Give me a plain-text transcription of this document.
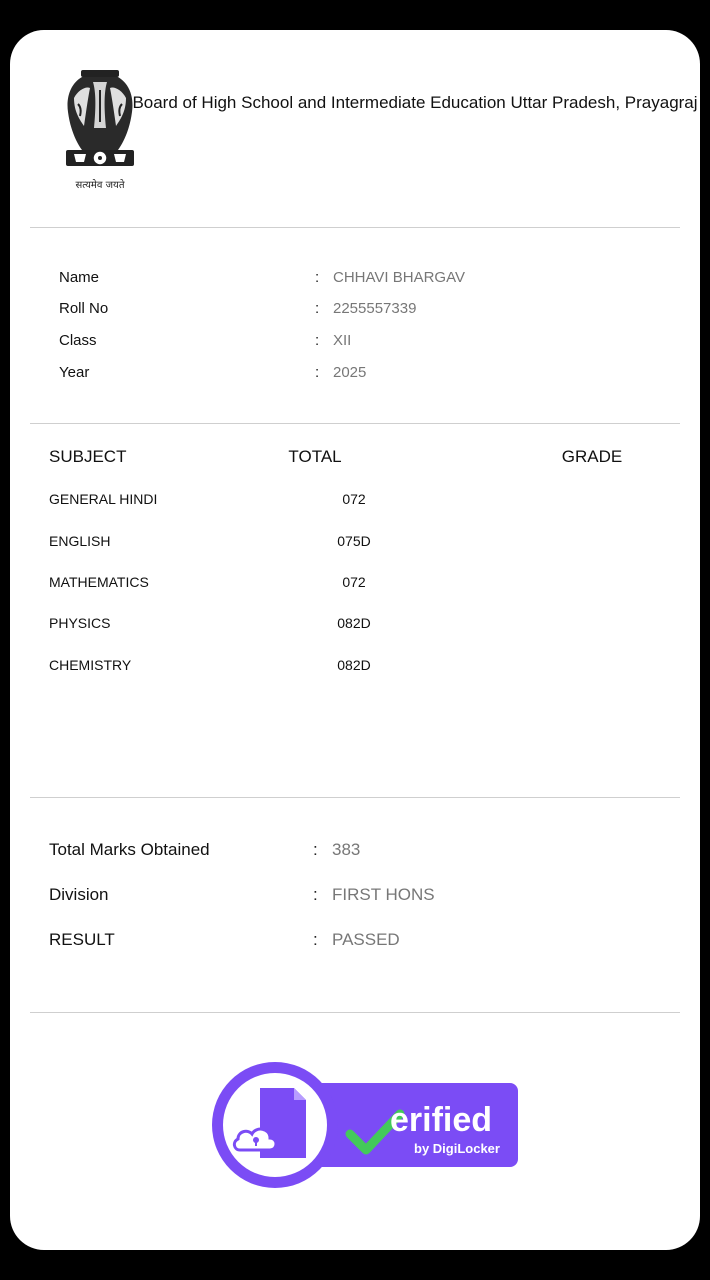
सत्यमेव जयते
Board of High School and Intermediate Education Uttar Pradesh, Prayagraj
Name	: CHHAVI BHARGAV
Roll No	: 2255557339
Class	: XII
Year	: 2025
SUBJECT	TOTAL	GRADE
GENERAL HINDI	072
ENGLISH	075D
MATHEMATICS	072
PHYSICS	082D
CHEMISTRY	082D
Total Marks Obtained	: 383
Division	: FIRST HONS
RESULT	: PASSED
erified
by DigiLocker
